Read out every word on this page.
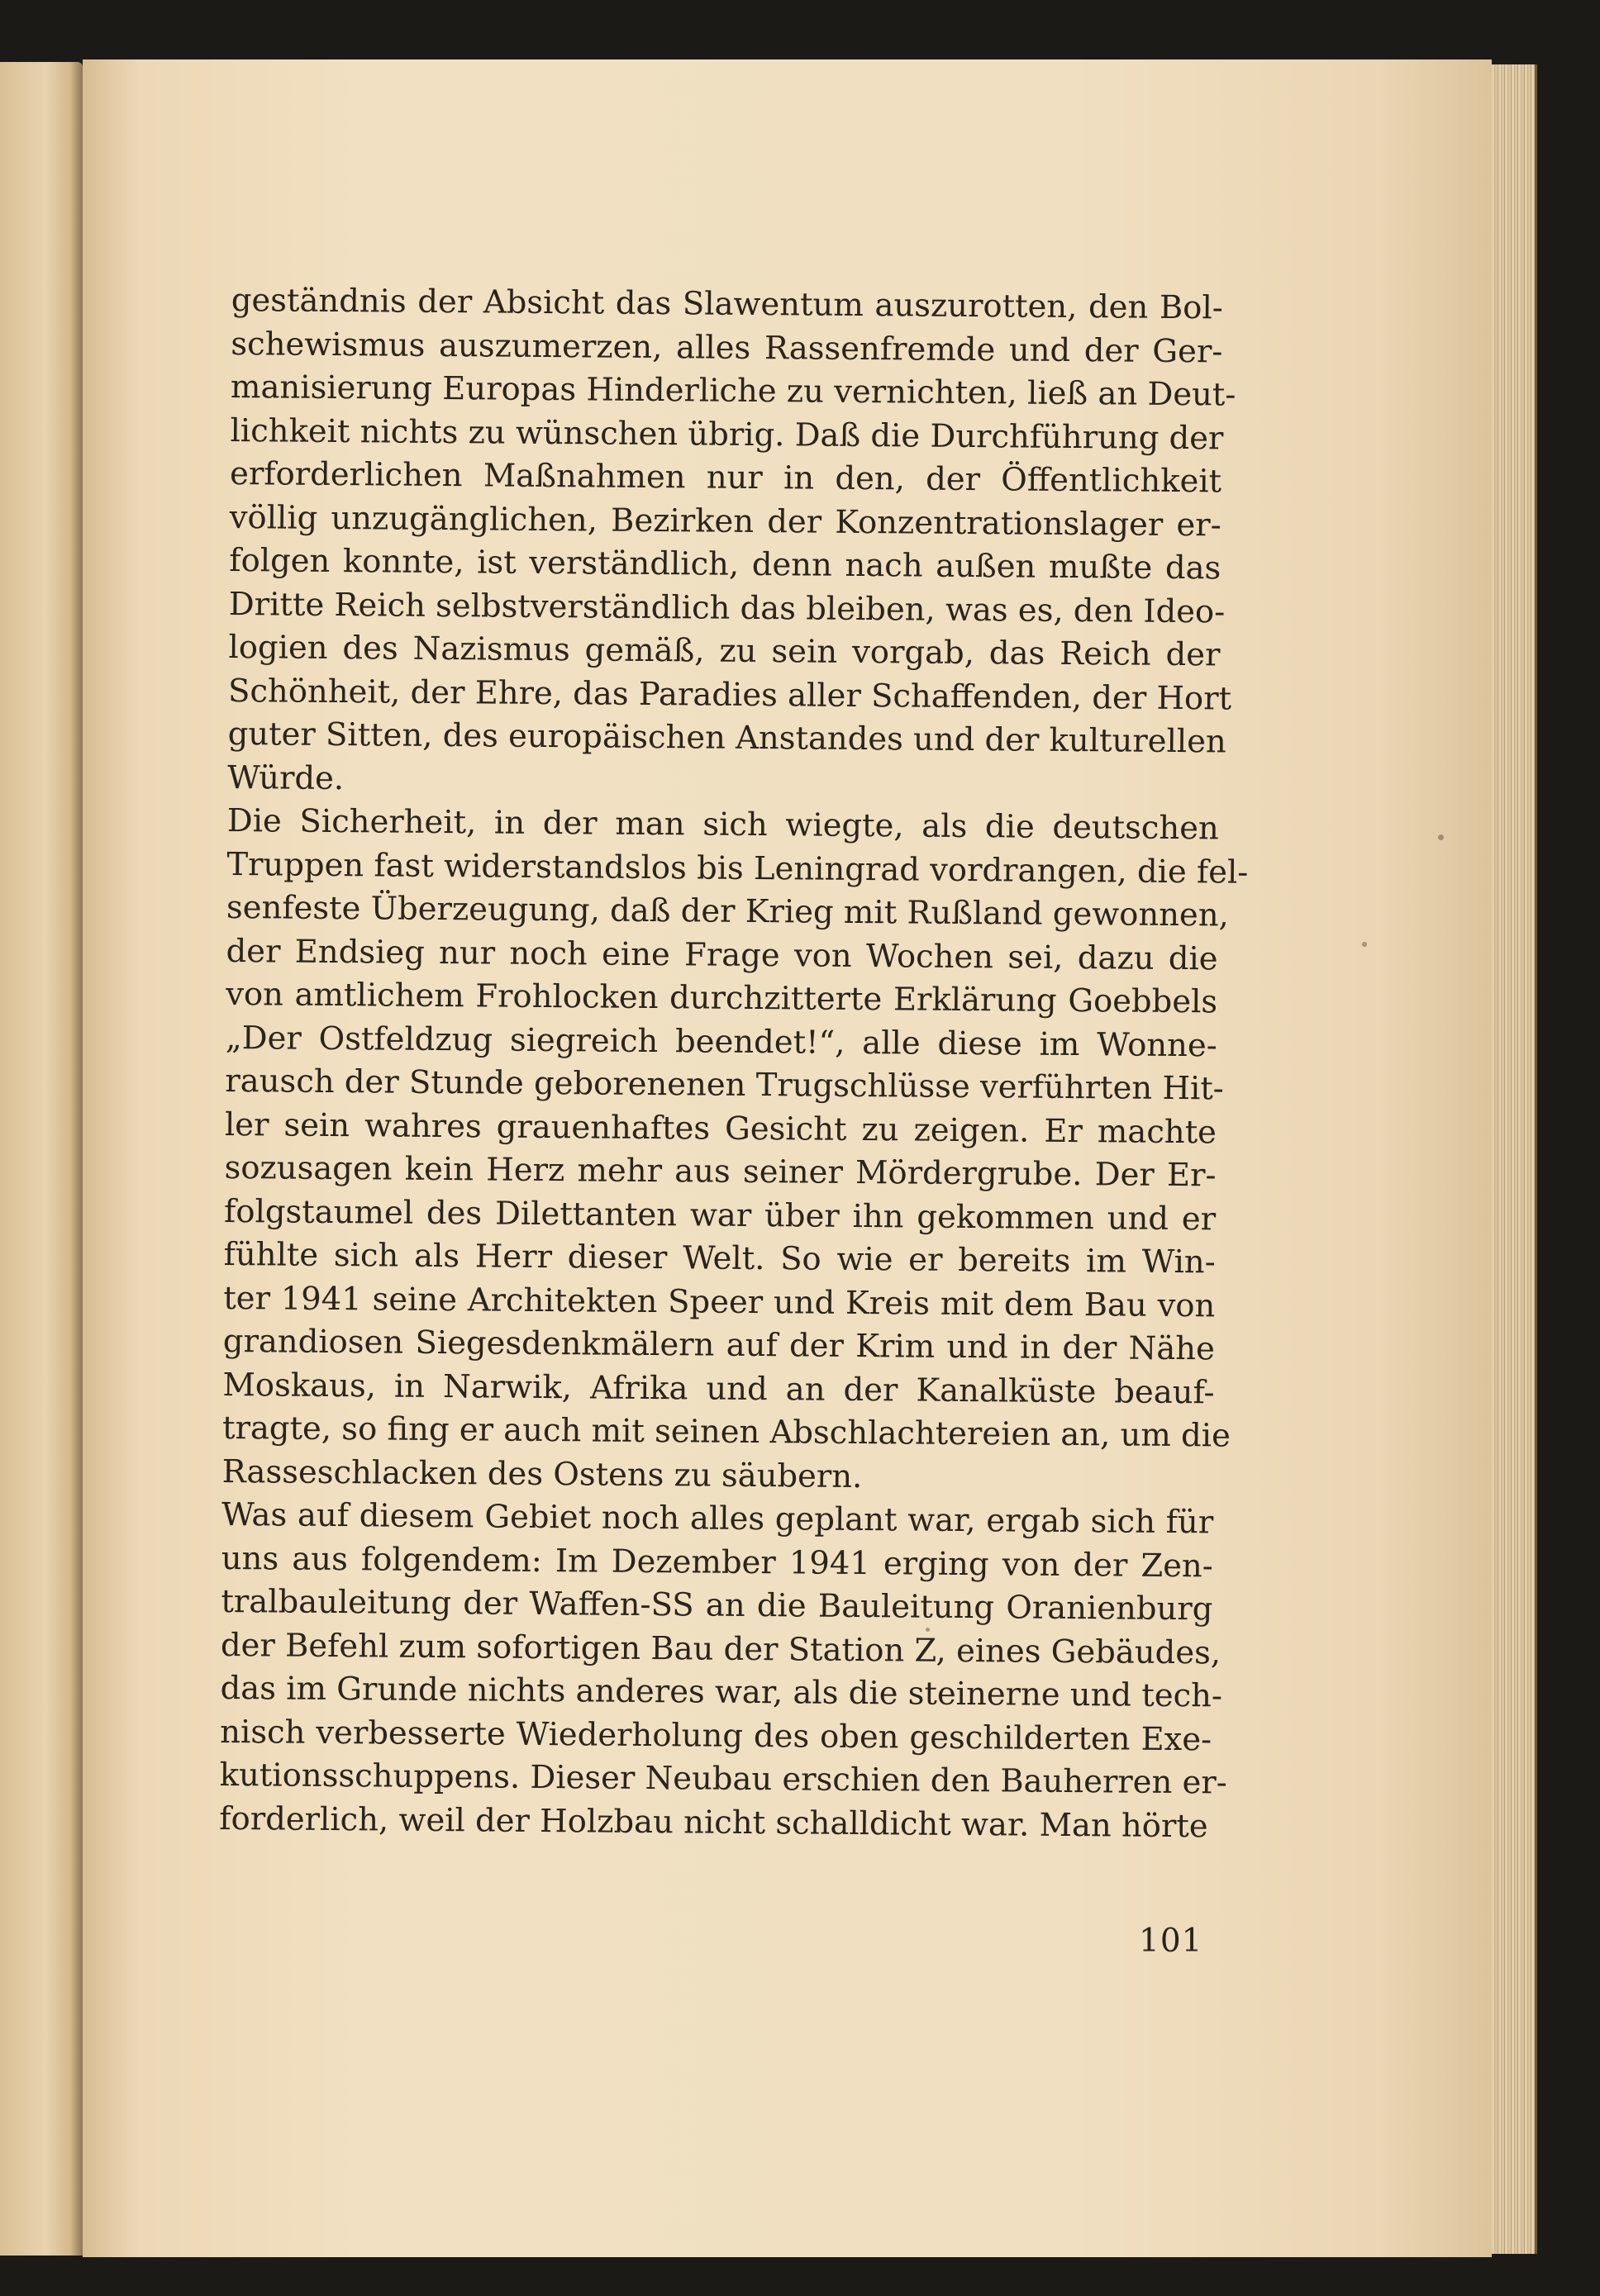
geständnis der Absicht das Slawentum auszurotten, den Bol-
schewismus auszumerzen, alles Rassenfremde und der Ger-
manisierung Europas Hinderliche zu vernichten, ließ an Deut-
lichkeit nichts zu wünschen übrig. Daß die Durchführung der
erforderlichen Maßnahmen nur in den, der Öffentlichkeit
völlig unzugänglichen, Bezirken der Konzentrationslager er-
folgen konnte, ist verständlich, denn nach außen mußte das
Dritte Reich selbstverständlich das bleiben, was es, den Ideo-
logien des Nazismus gemäß, zu sein vorgab, das Reich der
Schönheit, der Ehre, das Paradies aller Schaffenden, der Hort
guter Sitten, des europäischen Anstandes und der kulturellen
Würde.

Die Sicherheit, in der man sich wiegte, als die deutschen
Truppen fast widerstandslos bis Leningrad vordrangen, die fel-
senfeste Überzeugung, daß der Krieg mit Rußland gewonnen,
der Endsieg nur noch eine Frage von Wochen sei, dazu die
von amtlichem Frohlocken durchzitterte Erklärung Goebbels
„Der Ostfeldzug siegreich beendet!“, alle diese im Wonne-
rausch der Stunde geborenenen Trugschlüsse verführten Hit-
ler sein wahres grauenhaftes Gesicht zu zeigen. Er machte
sozusagen kein Herz mehr aus seiner Mördergrube. Der Er-
folgstaumel des Dilettanten war über ihn gekommen und er
fühlte sich als Herr dieser Welt. So wie er bereits im Win-
ter 1941 seine Architekten Speer und Kreis mit dem Bau von
grandiosen Siegesdenkmälern auf der Krim und in der Nähe
Moskaus, in Narwik, Afrika und an der Kanalküste beauf-
tragte, so fing er auch mit seinen Abschlachtereien an, um die
Rasseschlacken des Ostens zu säubern.

Was auf diesem Gebiet noch alles geplant war, ergab sich für
uns aus folgendem: Im Dezember 1941 erging von der Zen-
tralbauleitung der Waffen-SS an die Bauleitung Oranienburg
der Befehl zum sofortigen Bau der Station Z, eines Gebäudes,
das im Grunde nichts anderes war, als die steinerne und tech-
nisch verbesserte Wiederholung des oben geschilderten Exe-
kutionsschuppens. Dieser Neubau erschien den Bauherren er-
forderlich, weil der Holzbau nicht schalldicht war. Man hörte

101
